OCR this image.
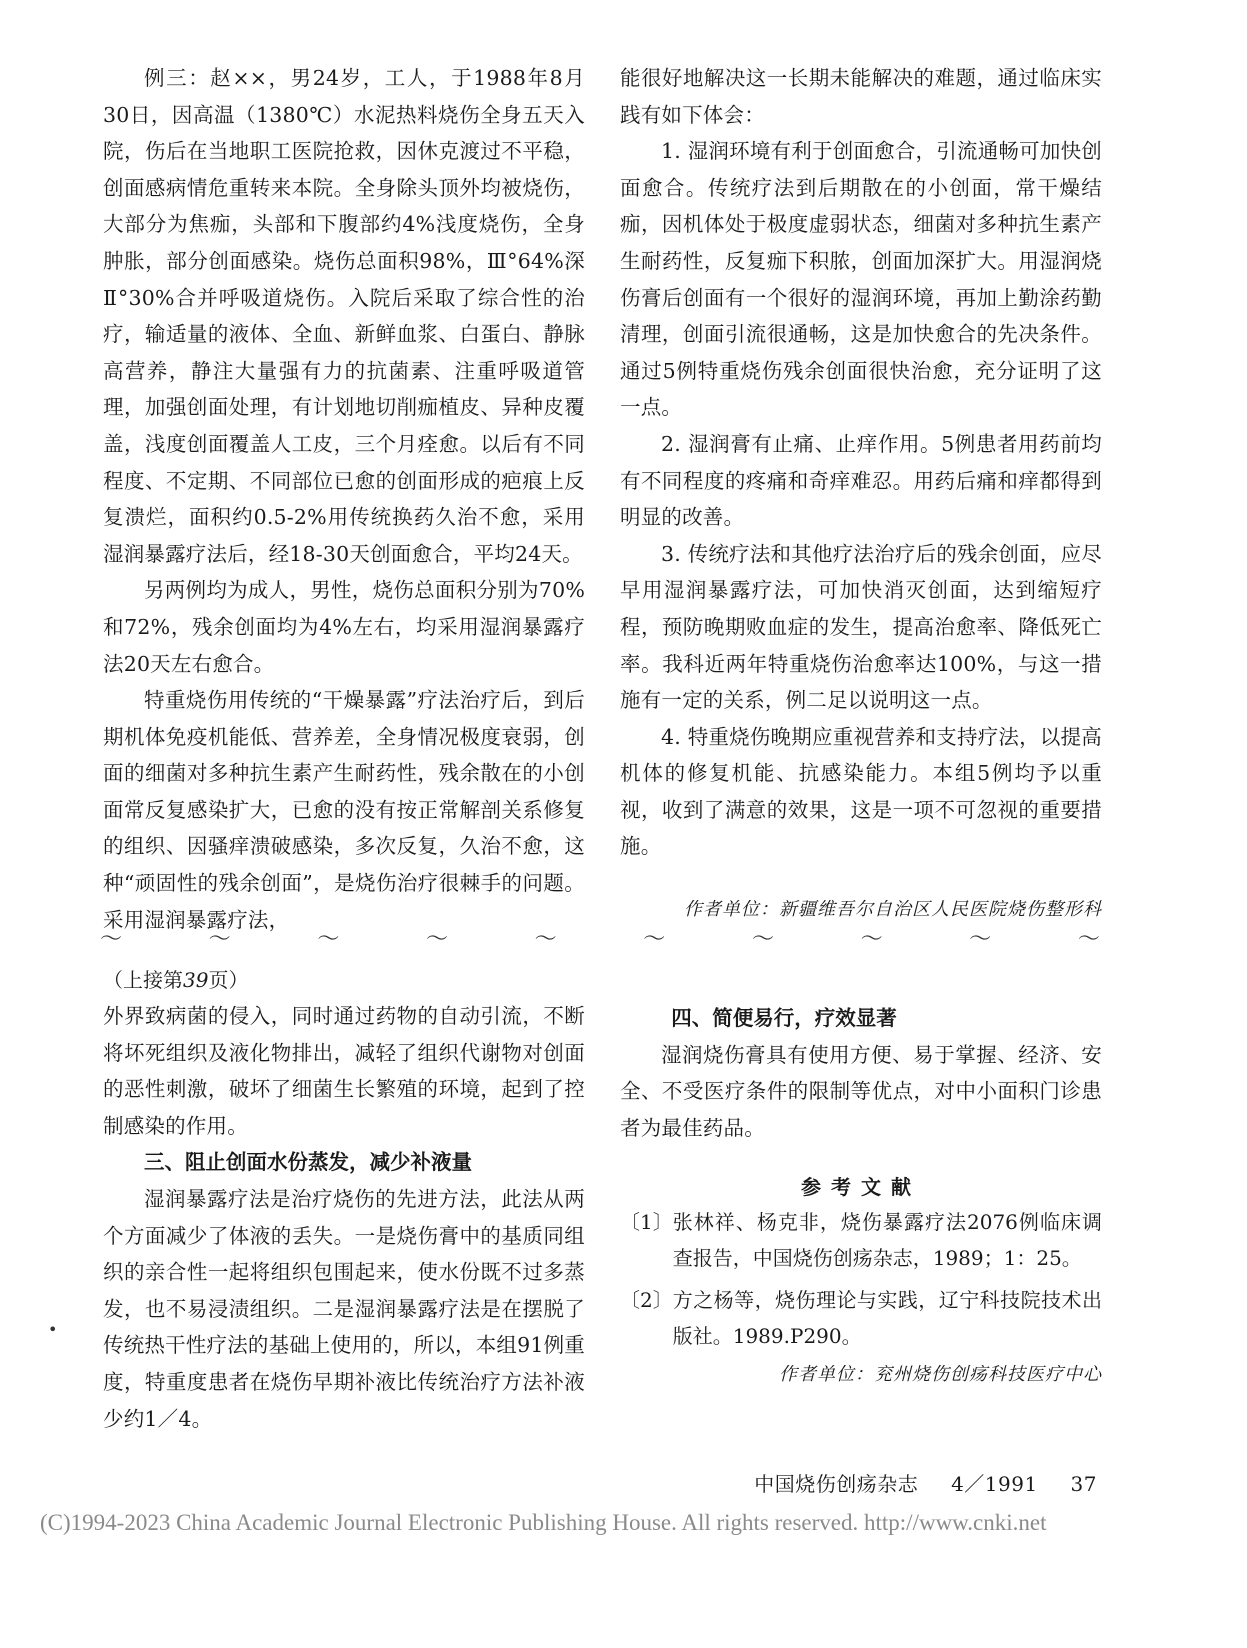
例三：赵××，男24岁，工人，于1988年8月30日，因高温（1380℃）水泥热料烧伤全身五天入院，伤后在当地职工医院抢救，因休克渡过不平稳，创面感病情危重转来本院。全身除头顶外均被烧伤，大部分为焦痂，头部和下腹部约4%浅度烧伤，全身肿胀，部分创面感染。烧伤总面积98%，Ⅲ°64%深Ⅱ°30%合并呼吸道烧伤。入院后采取了综合性的治疗，输适量的液体、全血、新鲜血浆、白蛋白、静脉高营养，静注大量强有力的抗菌素、注重呼吸道管理，加强创面处理，有计划地切削痂植皮、异种皮覆盖，浅度创面覆盖人工皮，三个月痊愈。以后有不同程度、不定期、不同部位已愈的创面形成的疤痕上反复溃烂，面积约0.5-2%用传统换药久治不愈，采用湿润暴露疗法后，经18-30天创面愈合，平均24天。

另两例均为成人，男性，烧伤总面积分别为70%和72%，残余创面均为4%左右，均采用湿润暴露疗法20天左右愈合。

特重烧伤用传统的“干燥暴露”疗法治疗后，到后期机体免疫机能低、营养差，全身情况极度衰弱，创面的细菌对多种抗生素产生耐药性，残余散在的小创面常反复感染扩大，已愈的没有按正常解剖关系修复的组织、因骚痒溃破感染，多次反复，久治不愈，这种“顽固性的残余创面”，是烧伤治疗很棘手的问题。采用湿润暴露疗法，

能很好地解决这一长期未能解决的难题，通过临床实践有如下体会：

1. 湿润环境有利于创面愈合，引流通畅可加快创面愈合。传统疗法到后期散在的小创面，常干燥结痂，因机体处于极度虚弱状态，细菌对多种抗生素产生耐药性，反复痂下积脓，创面加深扩大。用湿润烧伤膏后创面有一个很好的湿润环境，再加上勤涂药勤清理，创面引流很通畅，这是加快愈合的先决条件。通过5例特重烧伤残余创面很快治愈，充分证明了这一点。

2. 湿润膏有止痛、止痒作用。5例患者用药前均有不同程度的疼痛和奇痒难忍。用药后痛和痒都得到明显的改善。

3. 传统疗法和其他疗法治疗后的残余创面，应尽早用湿润暴露疗法，可加快消灭创面，达到缩短疗程，预防晚期败血症的发生，提高治愈率、降低死亡率。我科近两年特重烧伤治愈率达100%，与这一措施有一定的关系，例二足以说明这一点。

4. 特重烧伤晚期应重视营养和支持疗法，以提高机体的修复机能、抗感染能力。本组5例均予以重视，收到了满意的效果，这是一项不可忽视的重要措施。

作者单位：新疆维吾尔自治区人民医院烧伤整形科

～	～	～	～	～	～	～	～	～	～

（上接第39页）

外界致病菌的侵入，同时通过药物的自动引流，不断将坏死组织及液化物排出，减轻了组织代谢物对创面的恶性刺激，破坏了细菌生长繁殖的环境，起到了控制感染的作用。

三、阻止创面水份蒸发，减少补液量

湿润暴露疗法是治疗烧伤的先进方法，此法从两个方面减少了体液的丢失。一是烧伤膏中的基质同组织的亲合性一起将组织包围起来，使水份既不过多蒸发，也不易浸渍组织。二是湿润暴露疗法是在摆脱了传统热干性疗法的基础上使用的，所以，本组91例重度，特重度患者在烧伤早期补液比传统治疗方法补液少约1／4。

•

四、简便易行，疗效显著

湿润烧伤膏具有使用方便、易于掌握、经济、安全、不受医疗条件的限制等优点，对中小面积门诊患者为最佳药品。

参考文献

〔1〕 张林祥、杨克非，烧伤暴露疗法2076例临床调查报告，中国烧伤创疡杂志，1989；1：25。
〔2〕 方之杨等，烧伤理论与实践，辽宁科技院技术出版社。1989.P290。

作者单位：兖州烧伤创疡科技医疗中心

中国烧伤创疡杂志 4／1991 37
(C)1994-2023 China Academic Journal Electronic Publishing House. All rights reserved. http://www.cnki.net
